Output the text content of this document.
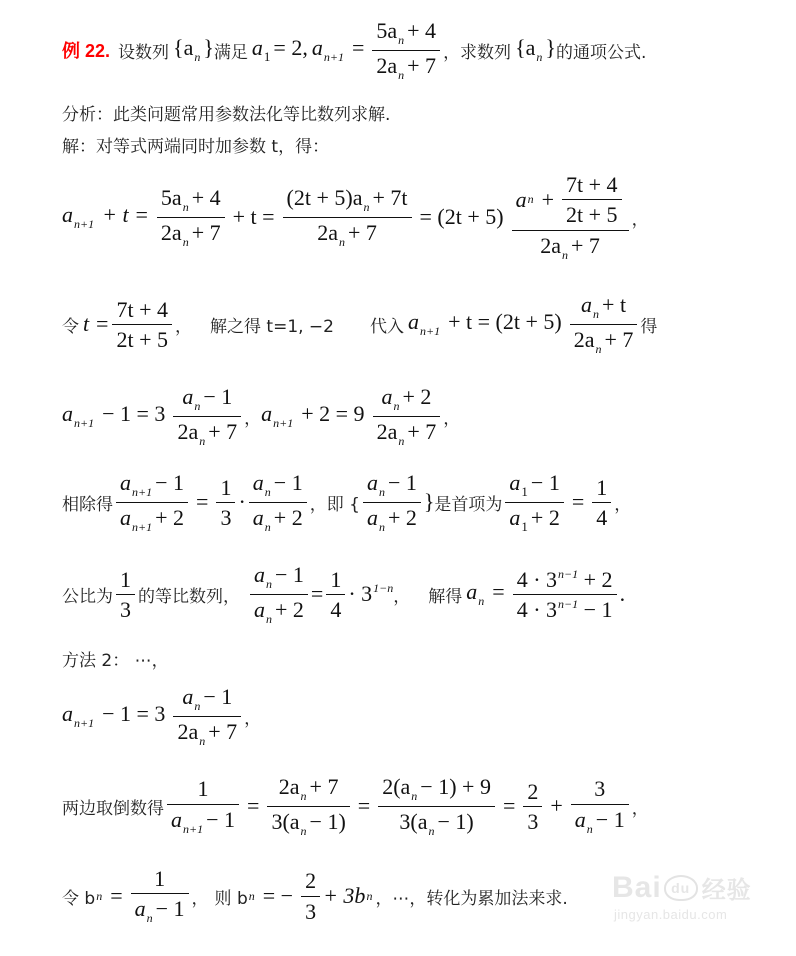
例 22. 设数列 {$a_n$ } 满足 $a_1 = 2$, $a_{n+1} = \frac{5a_n + 4}{2a_n + 7}$ ，求数列 {$a_n$ } 的通项公式.
分析：此类问题常用参数法化等比数列求解.
解：对等式两端同时加参数 t，得：
$a_{n+1} + t = \frac{5a_n + 4}{2a_n + 7} + t = \frac{(2t + 5)a_n + 7t}{2a_n + 7} = (2t + 5) \frac{a n + \frac{7t + 4}{2t + 5}}{2a_n + 7}$ ，
令 $t = \frac{7t + 4}{2t + 5}$ ， 解之得 t=1, −2 代入 $a_{n+1} + t = (2t + 5) \frac{a_n + t}{2a_n + 7}$ 得
$a_{n+1} - 1 = 3 \frac{a_n - 1}{2a_n + 7}$ ， $a_{n+1} + 2 = 9 \frac{a_n + 2}{2a_n + 7}$ ，
相除得 $\frac{a_{n+1} - 1}{a_{n+1} + 2} = \frac{1}{3} \cdot \frac{a_n - 1}{a_n + 2}$ ，即 { $\frac{a_n - 1}{a_n + 2}$ } 是首项为 $\frac{a_1 - 1}{a_1 + 2} = \frac{1}{4}$ ，
公比为 $\frac{1}{3}$ 的等比数列， $\frac{a_n - 1}{a_n + 2} = \frac{1}{4} \cdot 3^{1-n}$ ， 解得 $a_n = \frac{4 \cdot 3^{n-1} + 2}{4 \cdot 3^{n-1} - 1}$ .
方法 2： ⋯，
$a_{n+1} - 1 = 3 \frac{a_n - 1}{2a_n + 7}$ ，
两边取倒数得 $\frac{1}{a_{n+1} - 1} = \frac{2a_n + 7}{3(a_n - 1)} = \frac{2(a_n - 1) + 9}{3(a_n - 1)} = \frac{2}{3} + \frac{3}{a_n - 1}$ ，
令 b $n = \frac{1}{a_n - 1}$ ， 则 b n = − $\frac{2}{3} + 3b$ n ，⋯，转化为累加法来求. Bai du 经验
jingyan.baidu.com
